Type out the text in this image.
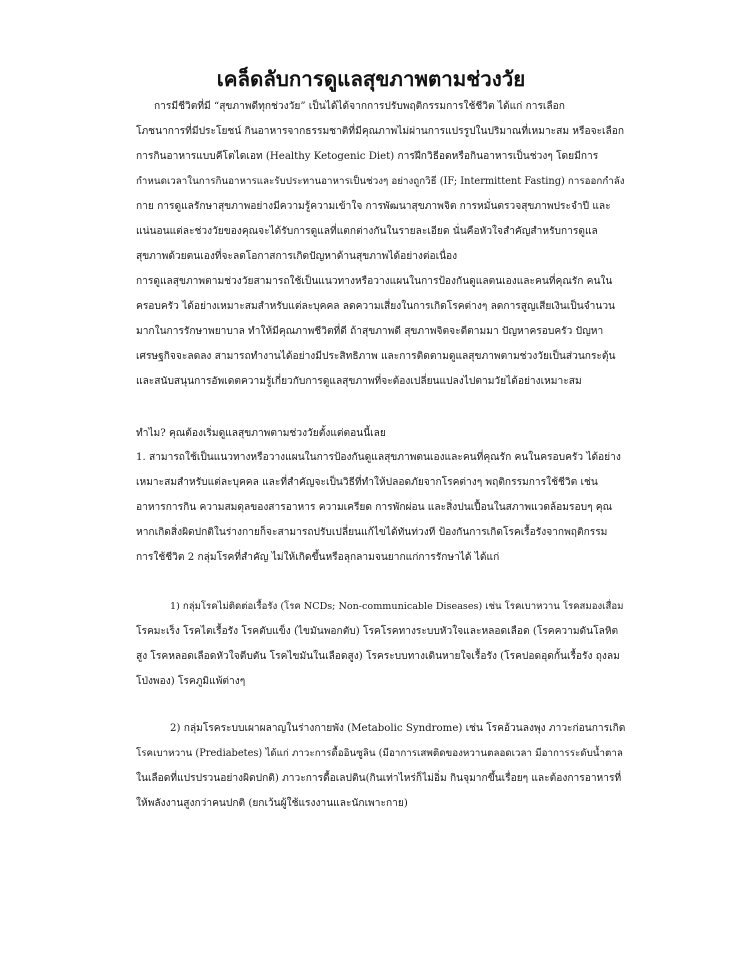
เคล็ดลับการดูแลสุขภาพตามช่วงวัย
การมีชีวิตที่มี “สุขภาพดีทุกช่วงวัย” เป็นได้ได้จากการปรับพฤติกรรมการใช้ชีวิต ได้แก่ การเลือก
โภชนาการที่มีประโยชน์ กินอาหารจากธรรมชาติที่มีคุณภาพไม่ผ่านการแปรรูปในปริมาณที่เหมาะสม หรือจะเลือก
การกินอาหารแบบคีโตไดเอท (Healthy Ketogenic Diet) การฝึกวิธีอดหรือกินอาหารเป็นช่วงๆ โดยมีการ
กำหนดเวลาในการกินอาหารและรับประทานอาหารเป็นช่วงๆ อย่างถูกวิธี (IF; Intermittent Fasting) การออกกำลัง
กาย การดูแลรักษาสุขภาพอย่างมีความรู้ความเข้าใจ การพัฒนาสุขภาพจิต การหมั่นตรวจสุขภาพประจำปี และ
แน่นอนแต่ละช่วงวัยของคุณจะได้รับการดูแลที่แตกต่างกันในรายละเอียด นั่นคือหัวใจสำคัญสำหรับการดูแล
สุขภาพด้วยตนเองที่จะลดโอกาสการเกิดปัญหาด้านสุขภาพได้อย่างต่อเนื่อง
การดูแลสุขภาพตามช่วงวัยสามารถใช้เป็นแนวทางหรือวางแผนในการป้องกันดูแลตนเองและคนที่คุณรัก คนใน
ครอบครัว ได้อย่างเหมาะสมสำหรับแต่ละบุคคล ลดความเสี่ยงในการเกิดโรคต่างๆ ลดการสูญเสียเงินเป็นจำนวน
มากในการรักษาพยาบาล ทำให้มีคุณภาพชีวิตที่ดี ถ้าสุขภาพดี สุขภาพจิตจะดีตามมา ปัญหาครอบครัว ปัญหา
เศรษฐกิจจะลดลง สามารถทำงานได้อย่างมีประสิทธิภาพ และการติดตามดูแลสุขภาพตามช่วงวัยเป็นส่วนกระตุ้น
และสนับสนุนการอัพเดตความรู้เกี่ยวกับการดูแลสุขภาพที่จะต้องเปลี่ยนแปลงไปตามวัยได้อย่างเหมาะสม
ทำไม? คุณต้องเริ่มดูแลสุขภาพตามช่วงวัยตั้งแต่ตอนนี้เลย
1. สามารถใช้เป็นแนวทางหรือวางแผนในการป้องกันดูแลสุขภาพตนเองและคนที่คุณรัก คนในครอบครัว ได้อย่าง
เหมาะสมสำหรับแต่ละบุคคล และที่สำคัญจะเป็นวิธีที่ทำให้ปลอดภัยจากโรคต่างๆ พฤติกรรมการใช้ชีวิต เช่น
อาหารการกิน ความสมดุลของสารอาหาร ความเครียด การพักผ่อน และสิ่งปนเปื้อนในสภาพแวดล้อมรอบๆ คุณ
หากเกิดสิ่งผิดปกติในร่างกายก็จะสามารถปรับเปลี่ยนแก้ไขได้ทันท่วงที ป้องกันการเกิดโรคเรื้อรังจากพฤติกรรม
การใช้ชีวิต 2 กลุ่มโรคที่สำคัญ ไม่ให้เกิดขึ้นหรือลุกลามจนยากแก่การรักษาได้ ได้แก่
1) กลุ่มโรคไม่ติดต่อเรื้อรัง (โรค NCDs; Non-communicable Diseases) เช่น โรคเบาหวาน โรคสมองเสื่อม
โรคมะเร็ง โรคไตเรื้อรัง โรคตับแข็ง (ไขมันพอกตับ) โรคโรคทางระบบหัวใจและหลอดเลือด (โรคความดันโลหิต
สูง โรคหลอดเลือดหัวใจตีบตัน โรคไขมันในเลือดสูง) โรคระบบทางเดินหายใจเรื้อรัง (โรคปอดอุดกั้นเรื้อรัง ถุงลม
โป่งพอง) โรคภูมิแพ้ต่างๆ
2) กลุ่มโรคระบบเผาผลาญในร่างกายพัง (Metabolic Syndrome) เช่น โรคอ้วนลงพุง ภาวะก่อนการเกิด
โรคเบาหวาน (Prediabetes) ได้แก่ ภาวะการดื้ออินซูลิน (มีอาการเสพติดของหวานตลอดเวลา มีอาการระดับน้ำตาล
ในเลือดที่แปรปรวนอย่างผิดปกติ) ภาวะการดื้อเลปติน(กินเท่าไหร่ก็ไม่อิ่ม กินจุมากขึ้นเรื่อยๆ และต้องการอาหารที่
ให้พลังงานสูงกว่าคนปกติ (ยกเว้นผู้ใช้แรงงานและนักเพาะกาย)
